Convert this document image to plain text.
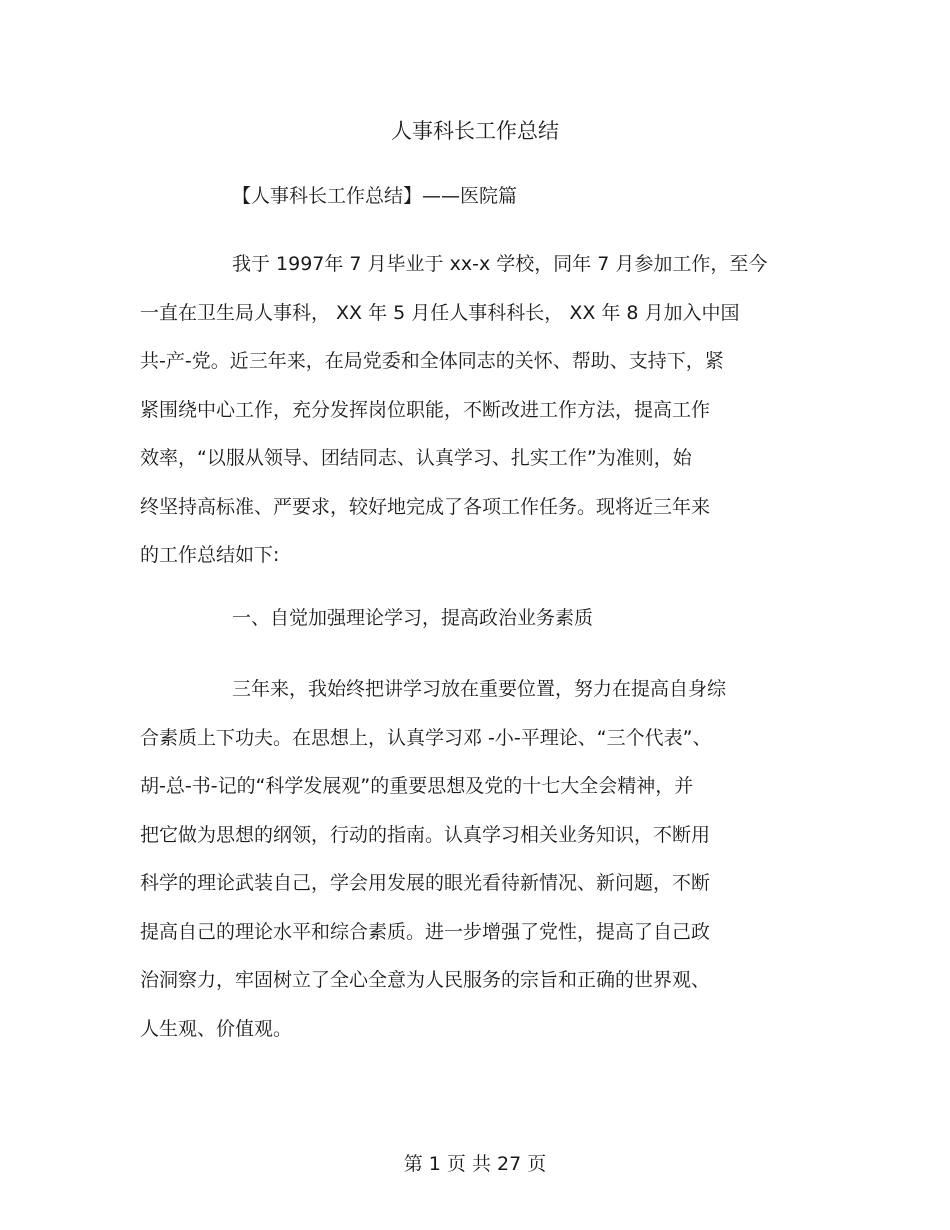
人事科长工作总结
【人事科长工作总结】——医院篇
我于 1997年 7 月毕业于 xx-x 学校，同年 7 月参加工作，至今
一直在卫生局人事科， XX 年 5 月任人事科科长， XX 年 8 月加入中国
共-产-党。近三年来，在局党委和全体同志的关怀、帮助、支持下，紧
紧围绕中心工作，充分发挥岗位职能，不断改进工作方法，提高工作
效率，“以服从领导、团结同志、认真学习、扎实工作”为准则，始
终坚持高标准、严要求，较好地完成了各项工作任务。现将近三年来
的工作总结如下:
一、自觉加强理论学习，提高政治业务素质
三年来，我始终把讲学习放在重要位置，努力在提高自身综
合素质上下功夫。在思想上，认真学习邓 -小-平理论、“三个代表”、
胡-总-书-记的“科学发展观”的重要思想及党的十七大全会精神，并
把它做为思想的纲领，行动的指南。认真学习相关业务知识，不断用
科学的理论武装自己，学会用发展的眼光看待新情况、新问题，不断
提高自己的理论水平和综合素质。进一步增强了党性，提高了自己政
治洞察力，牢固树立了全心全意为人民服务的宗旨和正确的世界观、
人生观、价值观。
第 1 页 共 27 页
